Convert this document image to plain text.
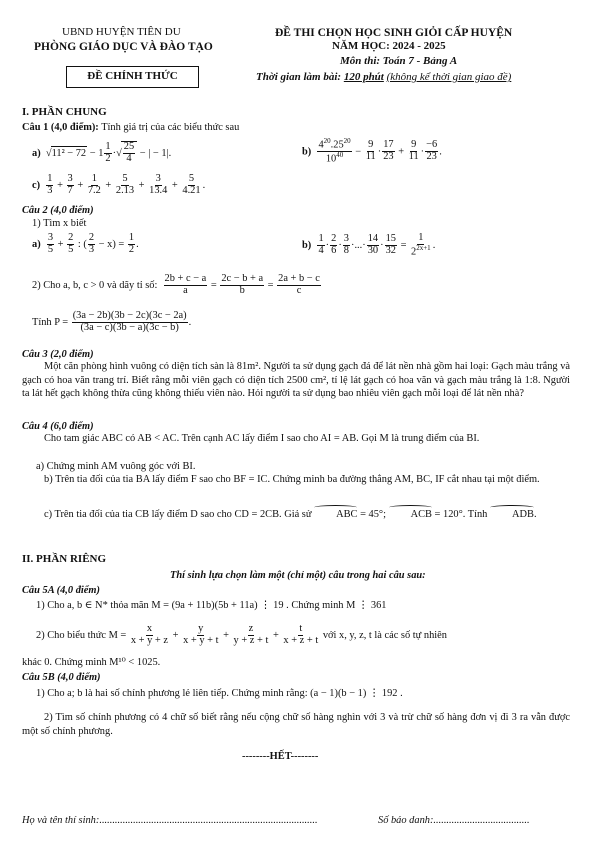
UBND HUYỆN TIÊN DU
PHÒNG GIÁO DỤC VÀ ĐÀO TẠO
ĐỀ CHÍNH THỨC
ĐỀ THI CHỌN HỌC SINH GIỎI CẤP HUYỆN
NĂM HỌC: 2024 - 2025
Môn thi: Toán 7 - Bảng A
Thời gian làm bài: 120 phút (không kể thời gian giao đề)
I. PHẦN CHUNG
Câu 1 (4,0 điểm): Tính giá trị của các biểu thức sau
a)  $√11^2 - 72 - 1 \frac{1}{2}$ ·√ $\frac{25}{4}$ − | − 1|.	$b) \frac{4^{20}.25^{20}}{10^{40}} - \frac{9}{11} \cdot \frac{17}{23} + \frac{9}{11} \cdot \frac{-6}{23}$ .
$c) \frac{1}{3} + \frac{3}{7} + \frac{1}{7.2} + \frac{5}{2.13} + \frac{3}{13.4} + \frac{5}{4.21}$ .
Câu 2 (4,0 điểm)
1) Tìm x biết
$a) \frac{3}{5} + \frac{2}{5}$ : ( $\frac{2}{3} - x) = \frac{1}{2}$ .	$b) \frac{1}{4} \cdot \frac{2}{6} \cdot \frac{3}{8}$ ·...· $\frac{14}{30} \cdot \frac{15}{32} = \frac{1}{2^{2x+1}}$ .
2) Cho a, b, c > 0 và dãy tỉ số: $\frac{2b + c - a}{a} = \frac{2c - b + a}{b} = \frac{2a + b - c}{c}$
Tính $P = \frac{(3a - 2b)(3b - 2c)(3c - 2a)}{(3a - c)(3b - a)(3c - b)}$ .
Câu 3 (2,0 điểm)
Một căn phòng hình vuông có diện tích sàn là 81m². Người ta sử dụng gạch đá để lát nền nhà gồm hai loại: Gạch màu trắng và gạch có hoa văn trang trí. Biết rằng mỗi viên gạch có diện tích 2500 cm², tỉ lệ lát gạch có hoa văn và gạch màu trắng là 1:8. Người ta lát hết gạch không thừa cũng không thiếu viên nào. Hỏi người ta sử dụng bao nhiêu viên gạch mỗi loại để lát nền nhà?
Câu 4 (6,0 điểm)
Cho tam giác ABC có AB < AC. Trên cạnh AC lấy điểm I sao cho AI = AB. Gọi M là trung điểm của BI.
a) Chứng minh AM vuông góc với BI.
b) Trên tia đối của tia BA lấy điểm F sao cho BF = IC. Chứng minh ba đường thẳng AM, BC, IF cắt nhau tại một điểm.
c) Trên tia đối của tia CB lấy điểm D sao cho CD = 2CB. Giả sử ABC = 45°; ACB = 120°. Tính ADB.
II. PHẦN RIÊNG
Thí sinh lựa chọn làm một (chỉ một) câu trong hai câu sau:
Câu 5A (4,0 điểm)
1) Cho a, b ∈ N* thỏa mãn M = (9a + 11b)(5b + 11a) ⋮ 19 . Chứng minh M ⋮ 361
2) Cho biểu thức $M = \frac{x}{x + y + z} + \frac{y}{x + y + t} + \frac{z}{y + z + t} + \frac{t}{x + z + t}$ với x, y, z, t là các số tự nhiên
khác 0. Chứng minh M¹⁰ < 1025.
Câu 5B (4,0 điểm)
1) Cho a; b là hai số chính phương lẻ liên tiếp. Chứng minh rằng: (a − 1)(b − 1) ⋮ 192 .
2) Tìm số chính phương có 4 chữ số biết rằng nếu cộng chữ số hàng nghìn với 3 và trừ chữ số hàng đơn vị đi 3 ra vẫn được một số chính phương.
--------HẾT--------
Họ và tên thí sinh:....................................................................................	Số báo danh:.....................................
